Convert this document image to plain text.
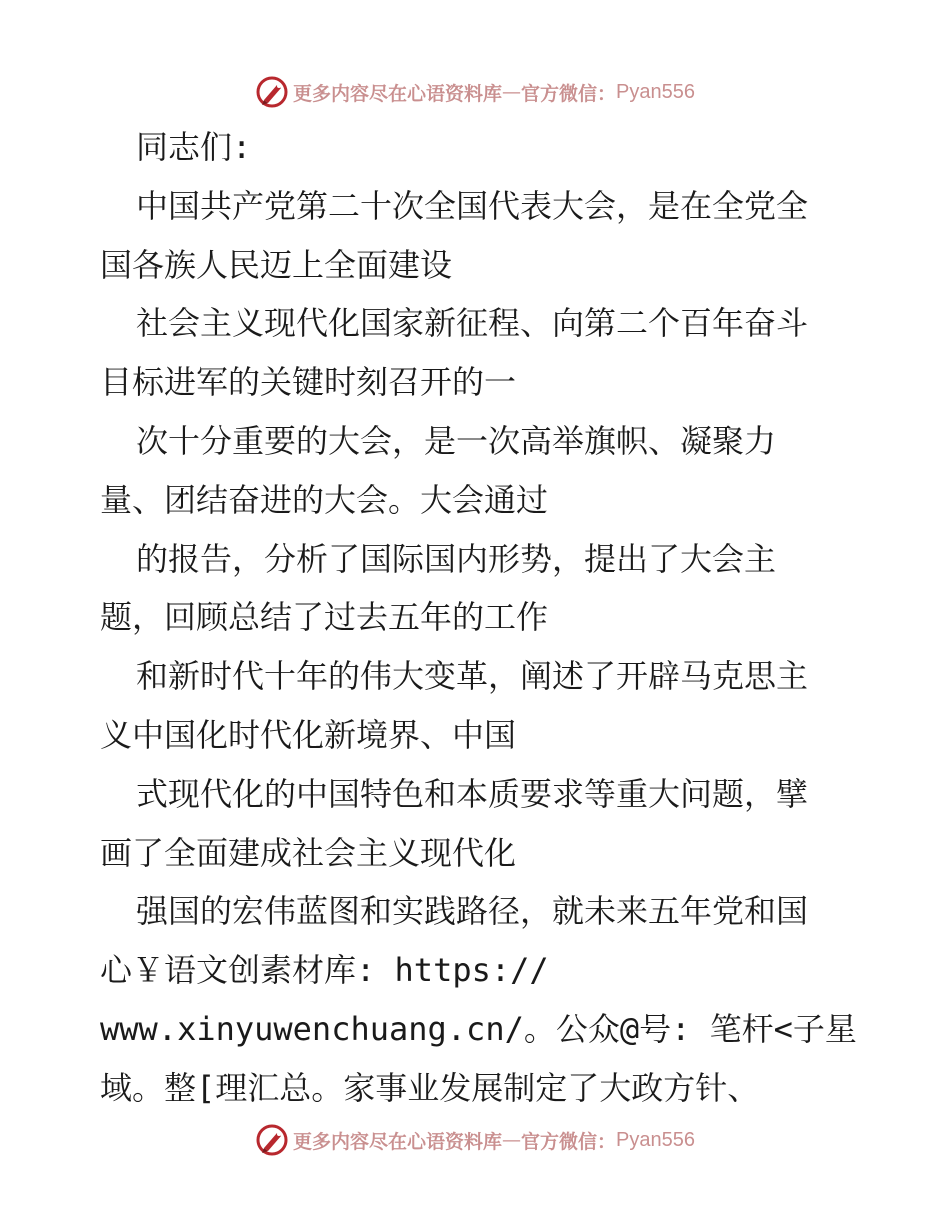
更多内容尽在心语资料库 — 官方微信： Pyan556
同志们:
中国共产党第二十次全国代表大会，是在全党全
国各族人民迈上全面建设
社会主义现代化国家新征程、向第二个百年奋斗
目标进军的关键时刻召开的一
次十分重要的大会，是一次高举旗帜、凝聚力
量、团结奋进的大会。大会通过
的报告，分析了国际国内形势，提出了大会主
题，回顾总结了过去五年的工作
和新时代十年的伟大变革，阐述了开辟马克思主
义中国化时代化新境界、中国
式现代化的中国特色和本质要求等重大问题，擘
画了全面建成社会主义现代化
强国的宏伟蓝图和实践路径，就未来五年党和国
心￥语文创素材库: https://
www.xinyuwenchuang.cn/。公众@号: 笔杆<子星
域。整[理汇总。家事业发展制定了大政方针、
更多内容尽在心语资料库 — 官方微信： Pyan556
